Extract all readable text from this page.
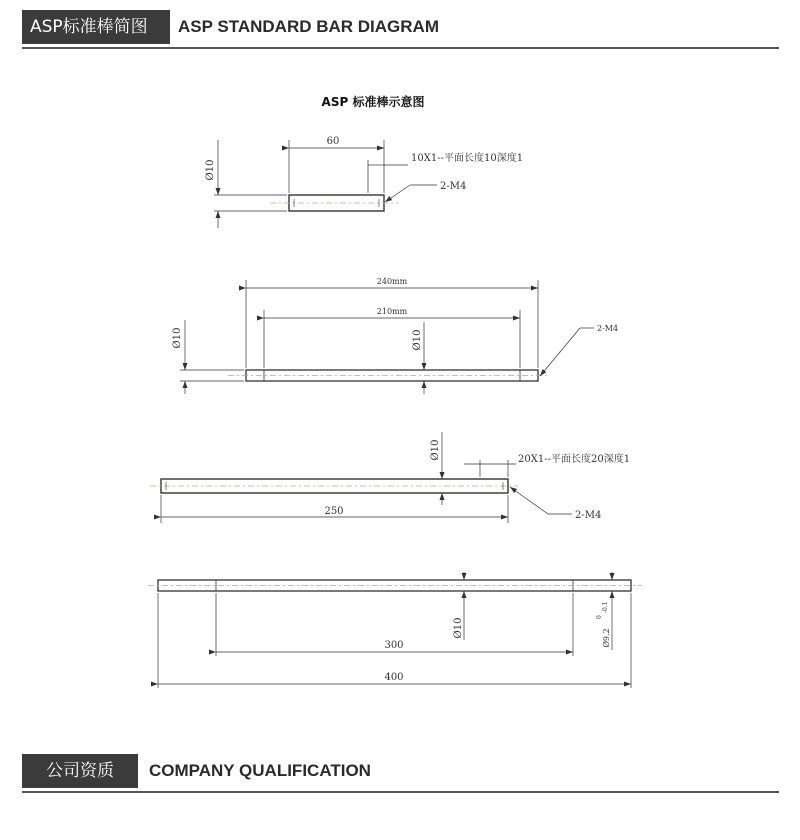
ASP标准棒简图	ASP STANDARD BAR DIAGRAM
ASP 标准棒示意图
60
10X1--平面长度10深度1
2-M4
Ø10
240mm
210mm
Ø10	Ø10
2-M4
Ø10	20X1--平面长度20深度1
250	2-M4
Ø10	Ø9.2
0
-0.1
300
400
公司资质	COMPANY QUALIFICATION
